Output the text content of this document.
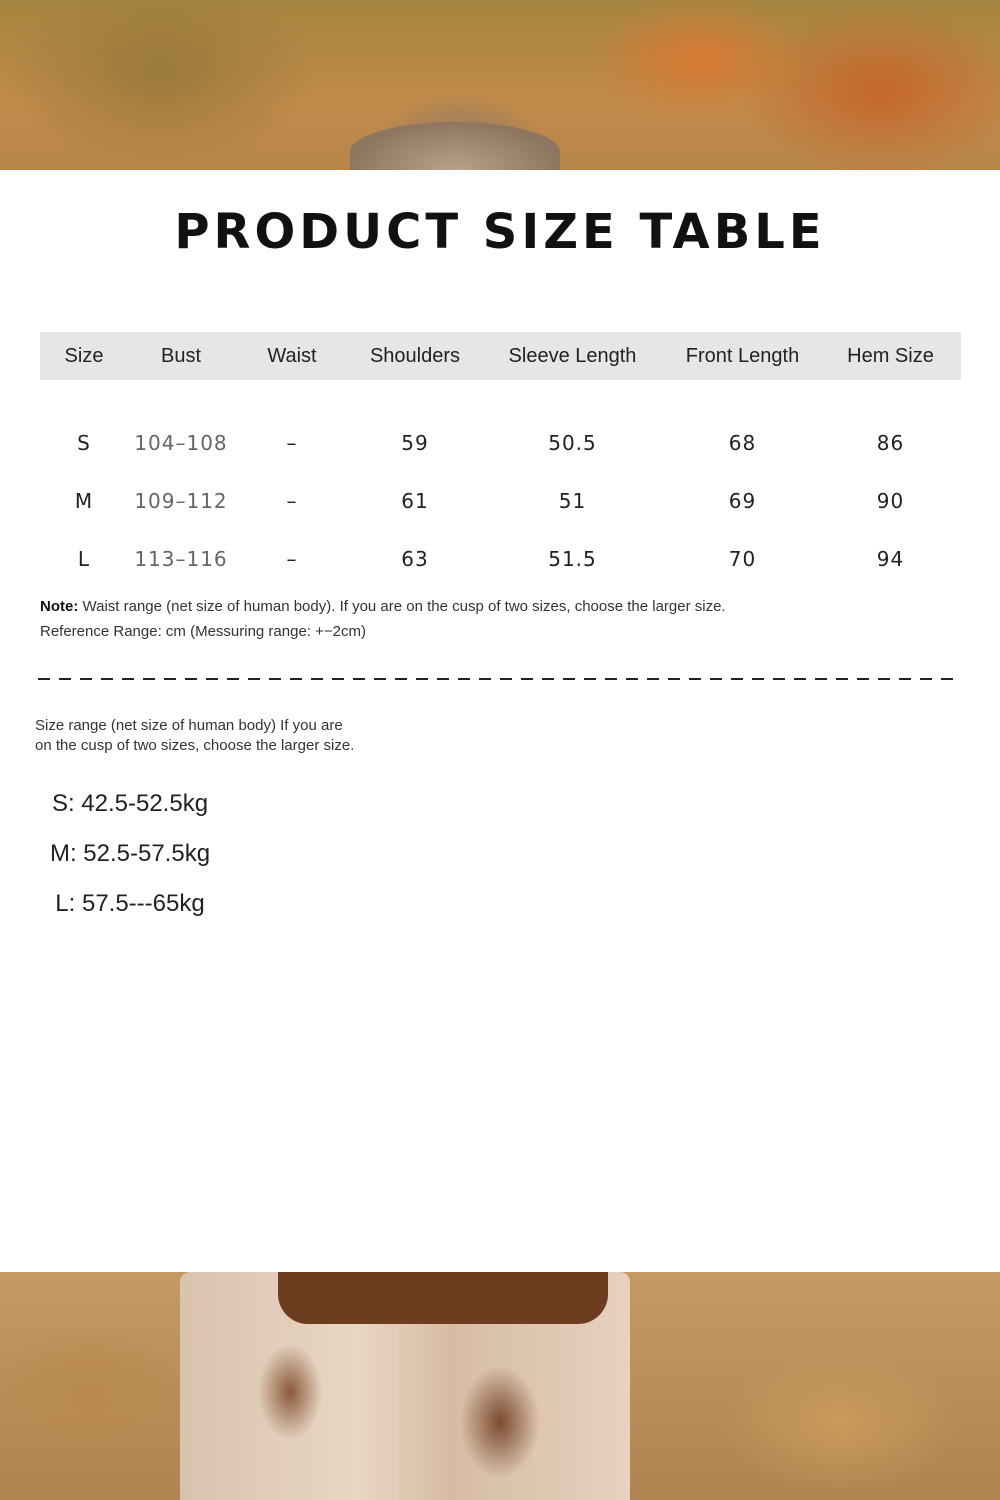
PRODUCT SIZE TABLE
Size	Bust	Waist	Shoulders	Sleeve Length	Front Length	Hem Size
S	104–108	–	59	50.5	68	86
M	109–112	–	61	51	69	90
L	113–116	–	63	51.5	70	94
Note: Waist range (net size of human body). If you are on the cusp of two sizes, choose the larger size.
Reference Range: cm (Messuring range: +−2cm)
Size range (net size of human body) If you are
on the cusp of two sizes, choose the larger size.
S: 42.5-52.5kg
M: 52.5-57.5kg
L: 57.5---65kg
